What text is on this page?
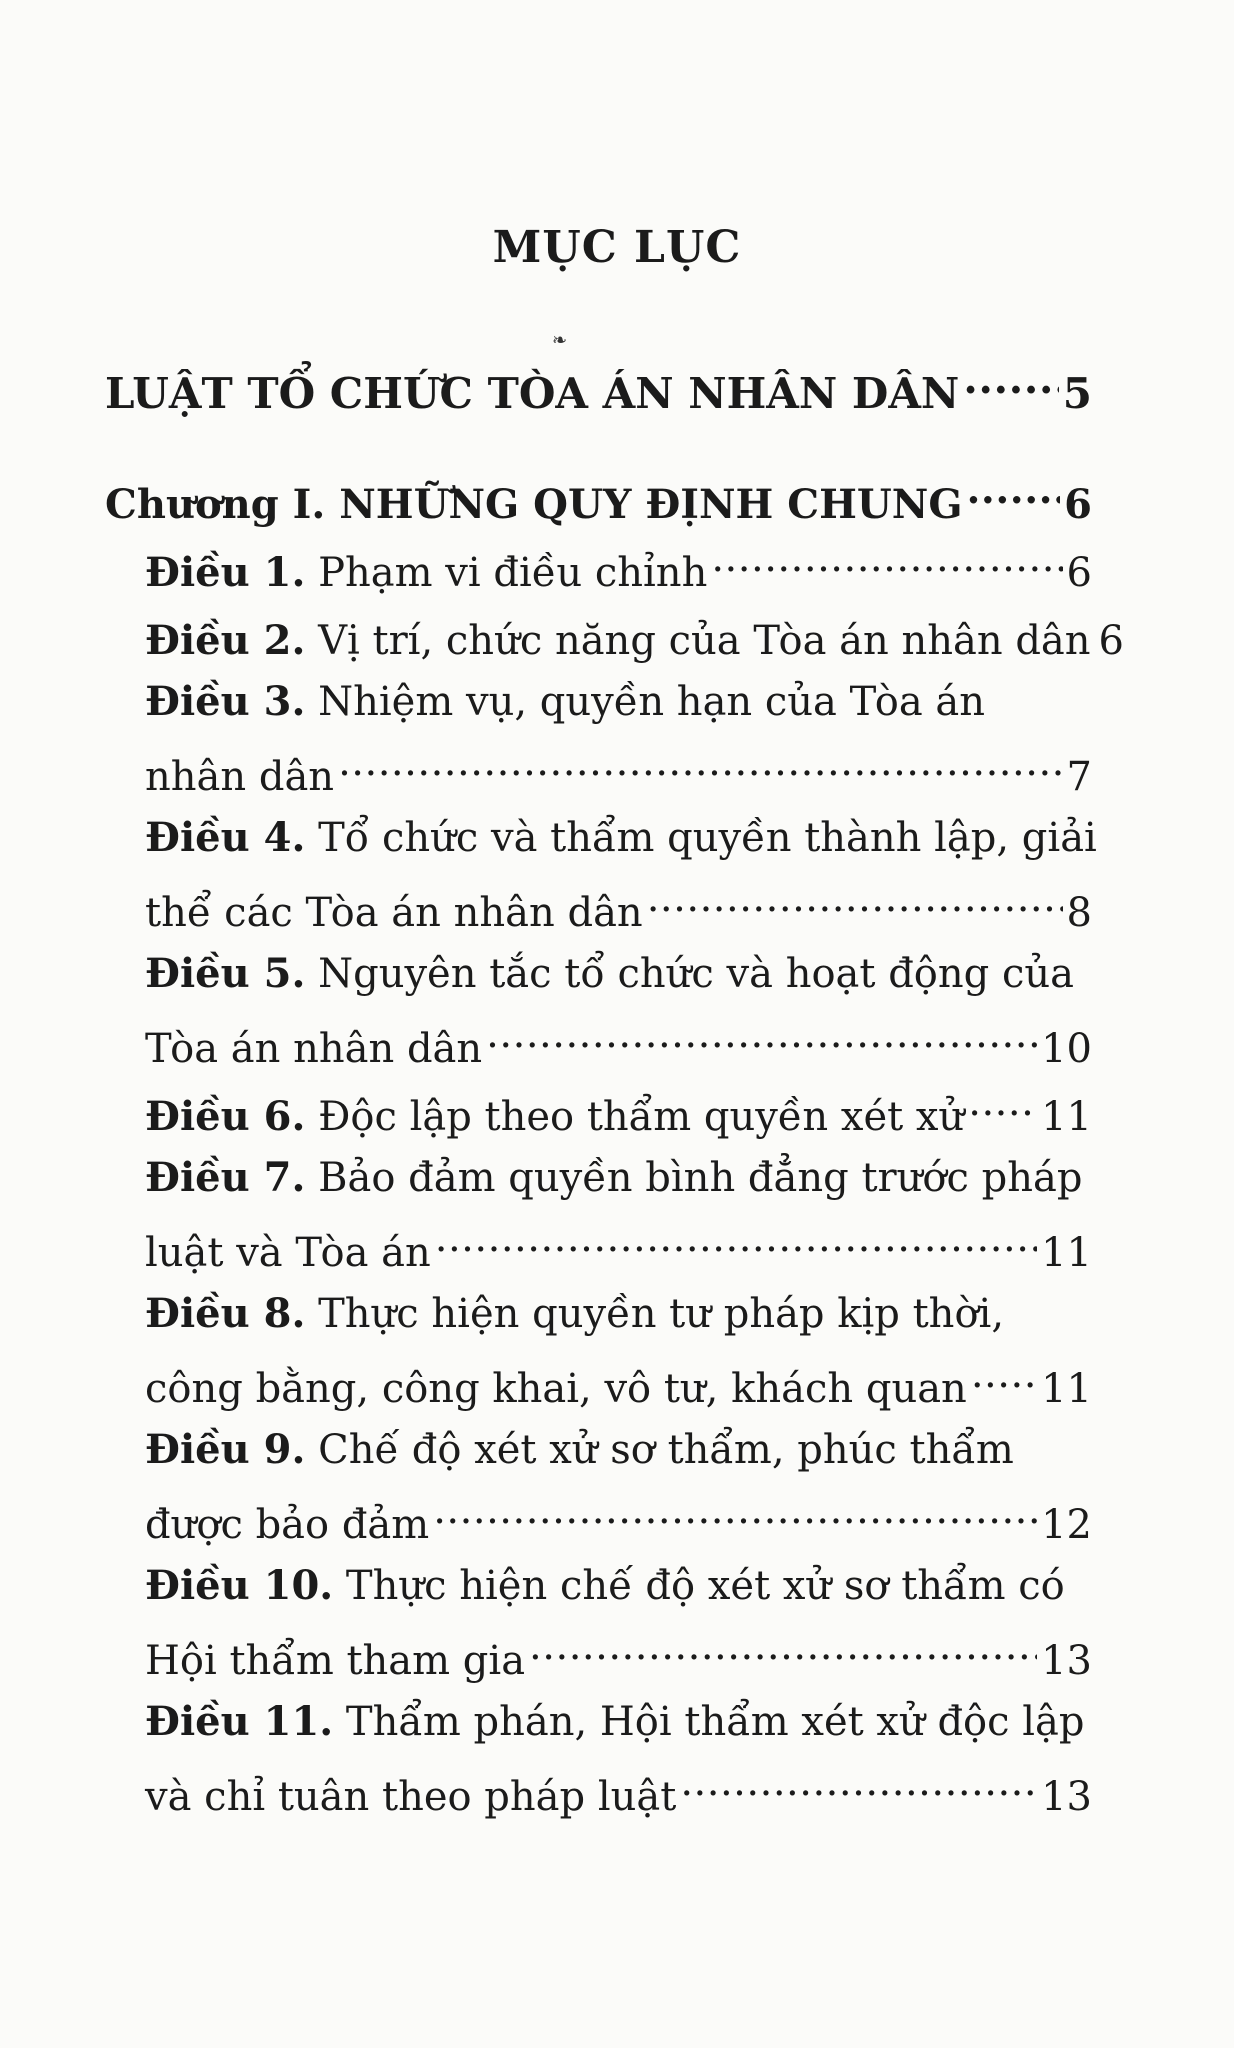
MỤC LỤC
❧
LUẬT TỔ CHỨC TÒA ÁN NHÂN DÂN ..... 5
Chương I. NHỮNG QUY ĐỊNH CHUNG .....	6
Điều 1. Phạm vi điều chỉnh .....	6
Điều 2. Vị trí, chức năng của Tòa án nhân dân 6
Điều 3. Nhiệm vụ, quyền hạn của Tòa án
nhân dân .....	7
Điều 4. Tổ chức và thẩm quyền thành lập, giải
thể các Tòa án nhân dân .....	8
Điều 5. Nguyên tắc tổ chức và hoạt động của
Tòa án nhân dân .....	10
Điều 6. Độc lập theo thẩm quyền xét xử ..... 11
Điều 7. Bảo đảm quyền bình đẳng trước pháp
luật và Tòa án .....	11
Điều 8. Thực hiện quyền tư pháp kịp thời,
công bằng, công khai, vô tư, khách quan ..... 11
Điều 9. Chế độ xét xử sơ thẩm, phúc thẩm
được bảo đảm .....	12
Điều 10. Thực hiện chế độ xét xử sơ thẩm có
Hội thẩm tham gia .....	13
Điều 11. Thẩm phán, Hội thẩm xét xử độc lập
và chỉ tuân theo pháp luật .....	13
